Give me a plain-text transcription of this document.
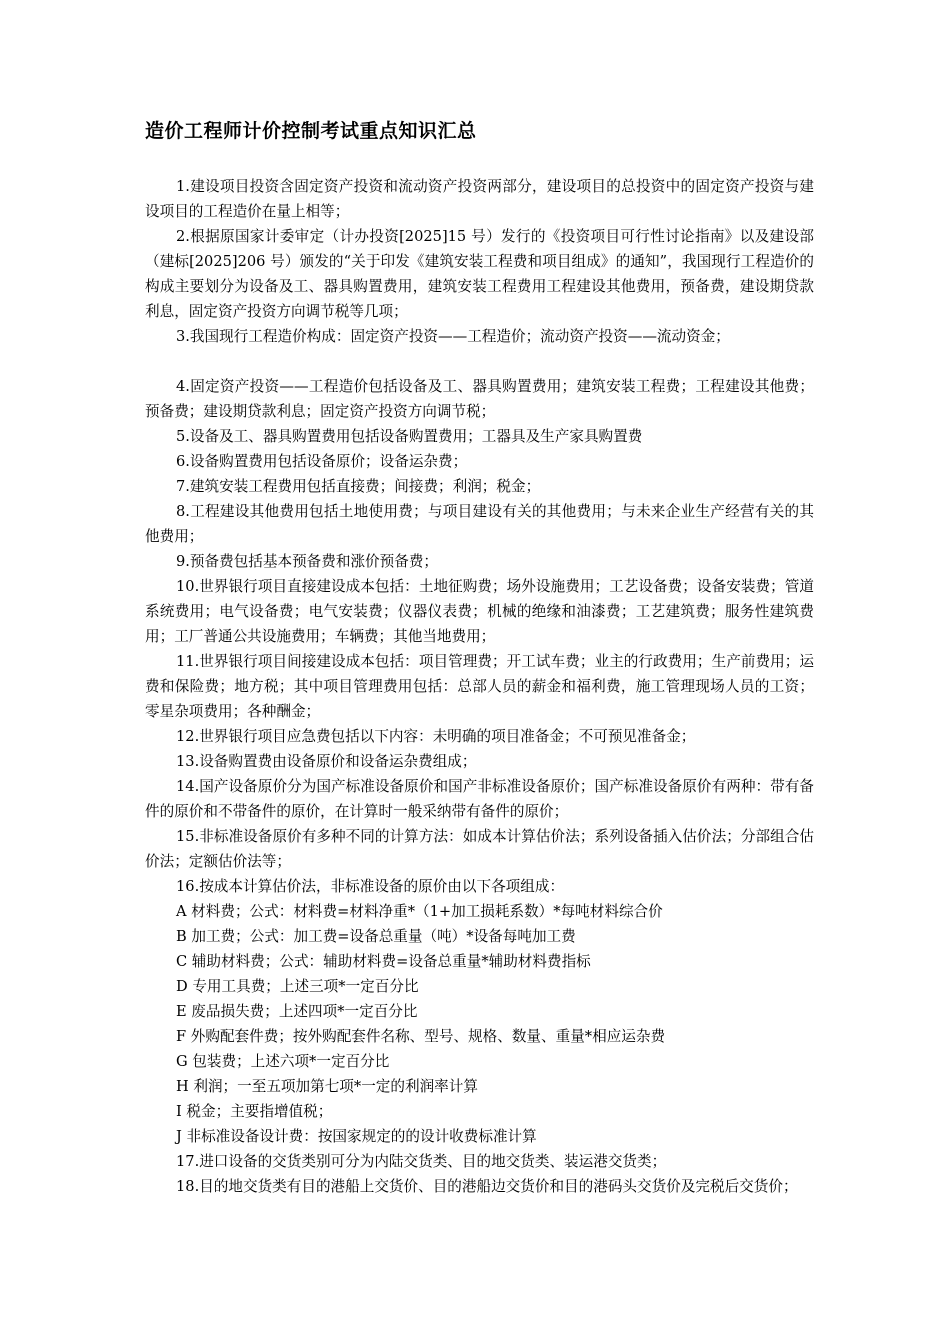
造价工程师计价控制考试重点知识汇总

1.建设项目投资含固定资产投资和流动资产投资两部分，建设项目的总投资中的固定资产投资与建设项目的工程造价在量上相等；

2.根据原国家计委审定（计办投资[2025]15 号）发行的《投资项目可行性讨论指南》以及建设部（建标[2025]206 号）颁发的“关于印发《建筑安装工程费和项目组成》的通知”，我国现行工程造价的构成主要划分为设备及工、器具购置费用，建筑安装工程费用工程建设其他费用，预备费，建设期贷款利息，固定资产投资方向调节税等几项；

3.我国现行工程造价构成：固定资产投资——工程造价；流动资产投资——流动资金；

4.固定资产投资——工程造价包括设备及工、器具购置费用；建筑安装工程费；工程建设其他费；预备费；建设期贷款利息；固定资产投资方向调节税；

5.设备及工、器具购置费用包括设备购置费用；工器具及生产家具购置费

6.设备购置费用包括设备原价；设备运杂费；

7.建筑安装工程费用包括直接费；间接费；利润；税金；

8.工程建设其他费用包括土地使用费；与项目建设有关的其他费用；与未来企业生产经营有关的其他费用；

9.预备费包括基本预备费和涨价预备费；

10.世界银行项目直接建设成本包括：土地征购费；场外设施费用；工艺设备费；设备安装费；管道系统费用；电气设备费；电气安装费；仪器仪表费；机械的绝缘和油漆费；工艺建筑费；服务性建筑费用；工厂普通公共设施费用；车辆费；其他当地费用；

11.世界银行项目间接建设成本包括：项目管理费；开工试车费；业主的行政费用；生产前费用；运费和保险费；地方税；其中项目管理费用包括：总部人员的薪金和福利费，施工管理现场人员的工资；零星杂项费用；各种酬金；

12.世界银行项目应急费包括以下内容：未明确的项目准备金；不可预见准备金；

13.设备购置费由设备原价和设备运杂费组成；

14.国产设备原价分为国产标准设备原价和国产非标准设备原价；国产标准设备原价有两种：带有备件的原价和不带备件的原价，在计算时一般采纳带有备件的原价；

15.非标准设备原价有多种不同的计算方法：如成本计算估价法；系列设备插入估价法；分部组合估价法；定额估价法等；

16.按成本计算估价法，非标准设备的原价由以下各项组成：

A 材料费；公式：材料费=材料净重*（1+加工损耗系数）*每吨材料综合价

B 加工费；公式：加工费=设备总重量（吨）*设备每吨加工费

C 辅助材料费；公式：辅助材料费=设备总重量*辅助材料费指标

D 专用工具费；上述三项*一定百分比

E 废品损失费；上述四项*一定百分比

F 外购配套件费；按外购配套件名称、型号、规格、数量、重量*相应运杂费

G 包装费；上述六项*一定百分比

H 利润；一至五项加第七项*一定的利润率计算

I 税金；主要指增值税；

J 非标准设备设计费：按国家规定的的设计收费标准计算

17.进口设备的交货类别可分为内陆交货类、目的地交货类、装运港交货类；

18.目的地交货类有目的港船上交货价、目的港船边交货价和目的港码头交货价及完税后交货价；
